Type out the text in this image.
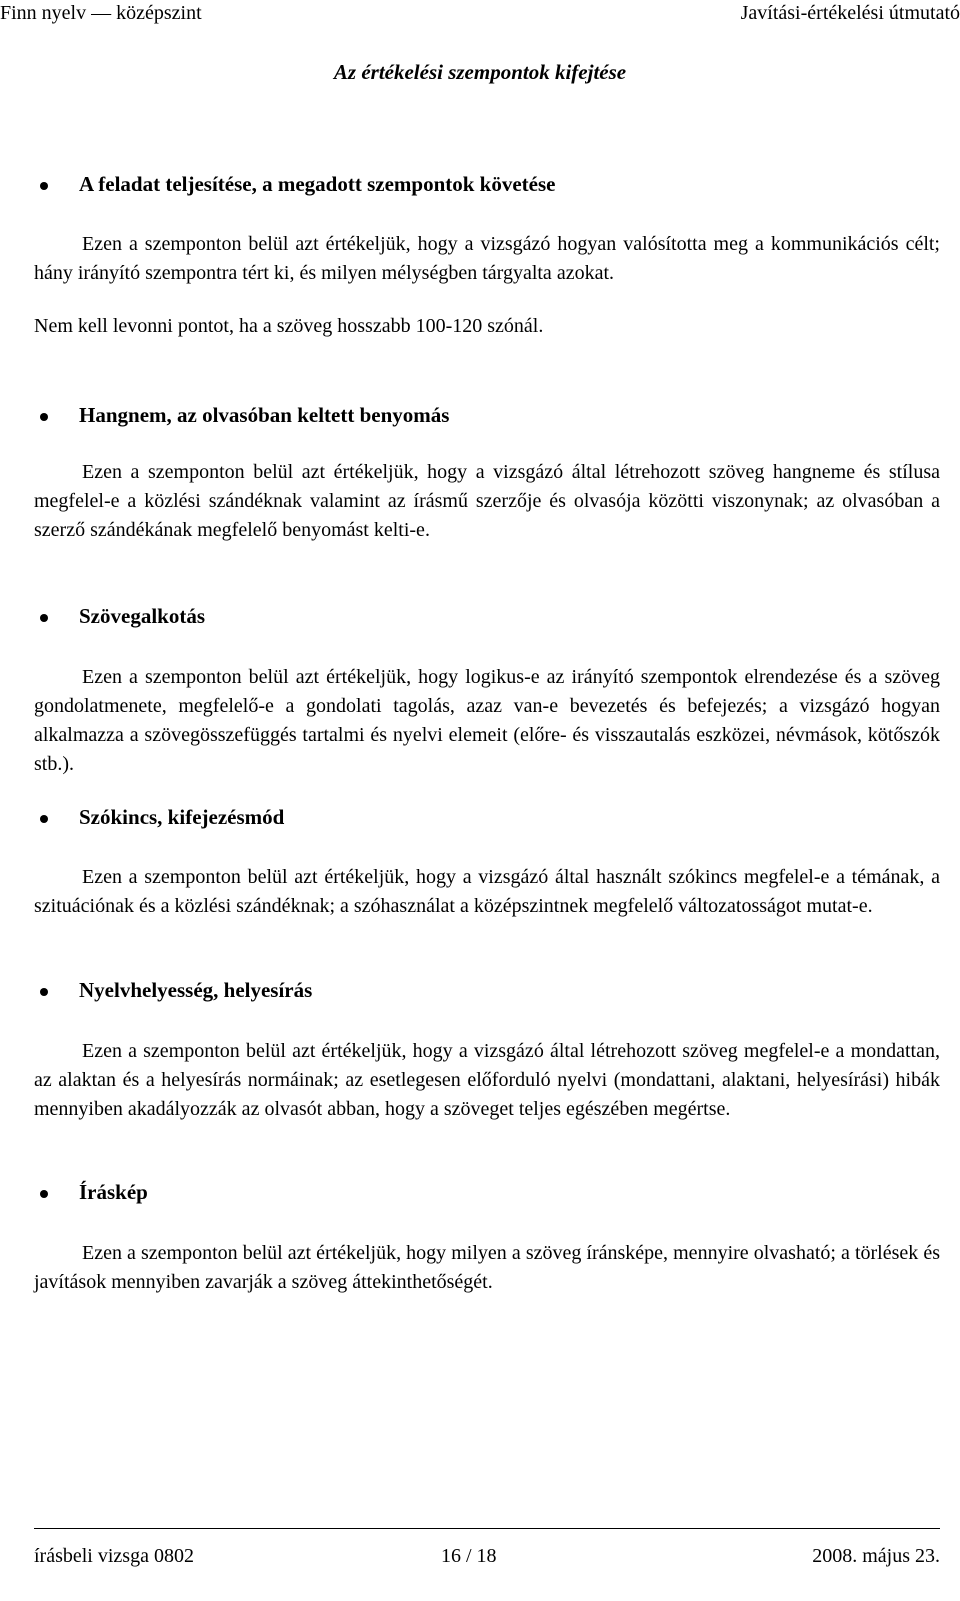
Finn nyelv — középszint	Javítási-értékelési útmutató
Az értékelési szempontok kifejtése
A feladat teljesítése, a megadott szempontok követése

Ezen a szemponton belül azt értékeljük, hogy a vizsgázó hogyan valósította meg a kommunikációs célt; hány irányító szempontra tért ki, és milyen mélységben tárgyalta azokat.

Nem kell levonni pontot, ha a szöveg hosszabb 100-120 szónál.

Hangnem, az olvasóban keltett benyomás

Ezen a szemponton belül azt értékeljük, hogy a vizsgázó által létrehozott szöveg hangneme és stílusa megfelel-e a közlési szándéknak valamint az írásmű szerzője és olvasója közötti viszonynak; az olvasóban a szerző szándékának megfelelő benyomást kelti-e.

Szövegalkotás

Ezen a szemponton belül azt értékeljük, hogy logikus-e az irányító szempontok elrendezése és a szöveg gondolatmenete, megfelelő-e a gondolati tagolás, azaz van-e bevezetés és befejezés; a vizsgázó hogyan alkalmazza a szövegösszefüggés tartalmi és nyelvi elemeit (előre- és visszautalás eszközei, névmások, kötőszók stb.).

Szókincs, kifejezésmód

Ezen a szemponton belül azt értékeljük, hogy a vizsgázó által használt szókincs megfelel-e a témának, a szituációnak és a közlési szándéknak; a szóhasználat a középszintnek megfelelő változatosságot mutat-e.

Nyelvhelyesség, helyesírás

Ezen a szemponton belül azt értékeljük, hogy a vizsgázó által létrehozott szöveg megfelel-e a mondattan, az alaktan és a helyesírás normáinak; az esetlegesen előforduló nyelvi (mondattani, alaktani, helyesírási) hibák mennyiben akadályozzák az olvasót abban, hogy a szöveget teljes egészében megértse.

Íráskép

Ezen a szemponton belül azt értékeljük, hogy milyen a szöveg íránsképe, mennyire olvasható; a törlések és javítások mennyiben zavarják a szöveg áttekinthetőségét.

írásbeli vizsga 0802	16 / 18	2008. május 23.
